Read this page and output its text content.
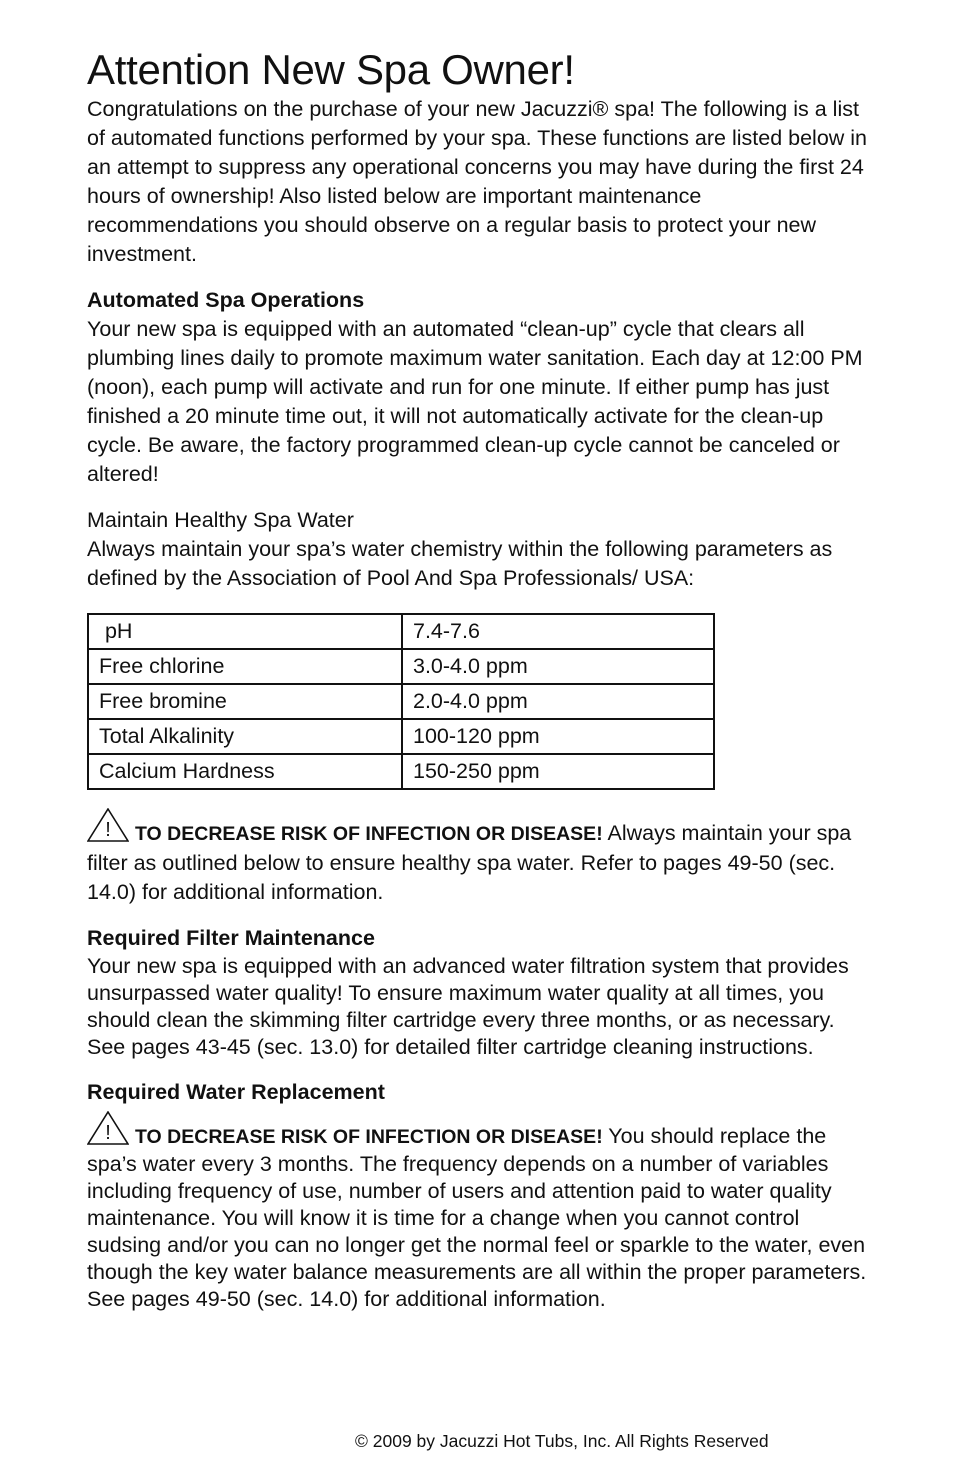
Attention New Spa Owner!

Congratulations on the purchase of your new Jacuzzi® spa! The following is a list of automated functions performed by your spa. These functions are listed below in an attempt to suppress any operational concerns you may have during the first 24 hours of ownership! Also listed below are important maintenance recommendations you should observe on a regular basis to protect your new investment.

Automated Spa Operations

Your new spa is equipped with an automated “clean-up” cycle that clears all plumbing lines daily to promote maximum water sanitation. Each day at 12:00 PM (noon), each pump will activate and run for one minute. If either pump has just finished a 20 minute time out, it will not automatically activate for the clean-up cycle. Be aware, the factory programmed clean-up cycle cannot be canceled or altered!

Maintain Healthy Spa Water

Always maintain your spa’s water chemistry within the following parameters as defined by the Association of Pool And Spa Professionals/ USA:

pH	7.4-7.6
Free chlorine	3.0-4.0 ppm
Free bromine	2.0-4.0 ppm
Total Alkalinity	100-120 ppm
Calcium Hardness	150-250 ppm

! TO DECREASE RISK OF INFECTION OR DISEASE! Always maintain your spa filter as outlined below to ensure healthy spa water. Refer to pages 49-50 (sec. 14.0) for additional information.

Required Filter Maintenance

Your new spa is equipped with an advanced water filtration system that provides unsurpassed water quality! To ensure maximum water quality at all times, you should clean the skimming filter cartridge every three months, or as necessary. See pages 43-45 (sec. 13.0) for detailed filter cartridge cleaning instructions.

Required Water Replacement

! TO DECREASE RISK OF INFECTION OR DISEASE! You should replace the spa’s water every 3 months. The frequency depends on a number of variables including frequency of use, number of users and attention paid to water quality maintenance. You will know it is time for a change when you cannot control sudsing and/or you can no longer get the normal feel or sparkle to the water, even though the key water balance measurements are all within the proper parameters. See pages 49-50 (sec. 14.0) for additional information.

© 2009 by Jacuzzi Hot Tubs, Inc. All Rights Reserved
